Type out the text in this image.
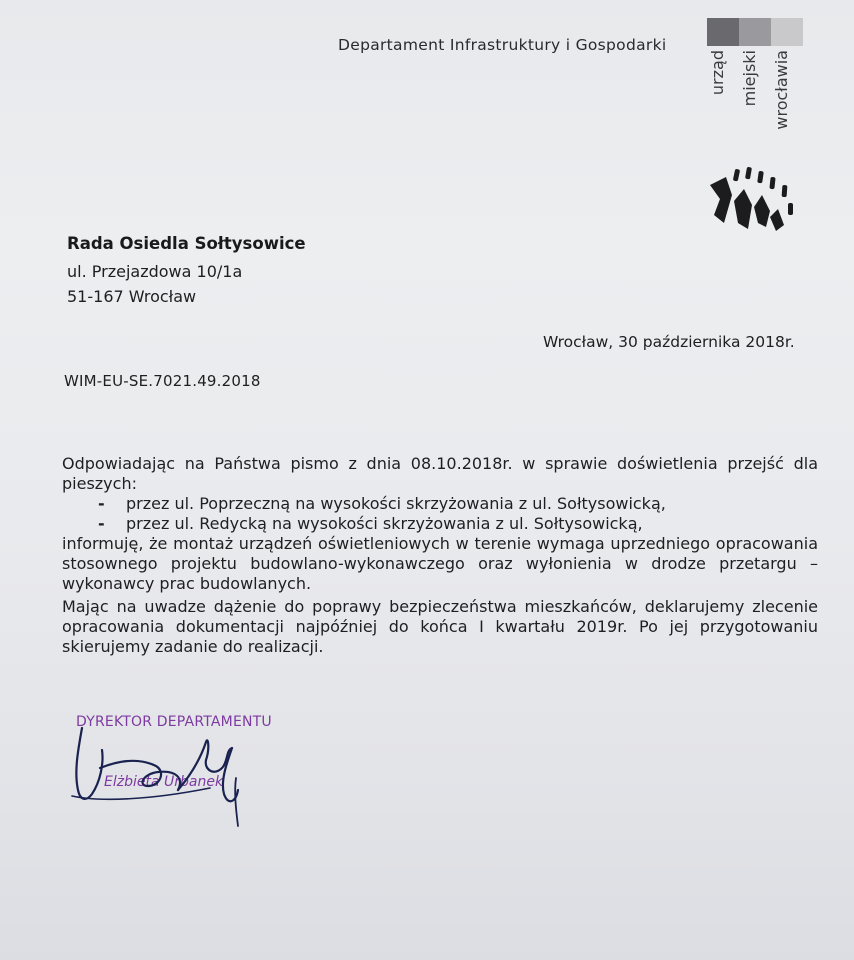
Departament Infrastruktury i Gospodarki
urząd miejski wrocławia
Rada Osiedla Sołtysowice
ul. Przejazdowa 10/1a
51-167 Wrocław
Wrocław, 30 października 2018r.
WIM-EU-SE.7021.49.2018
Odpowiadając na Państwa pismo z dnia 08.10.2018r. w sprawie doświetlenia przejść dla pieszych:
- przez ul. Poprzeczną na wysokości skrzyżowania z ul. Sołtysowicką,
- przez ul. Redycką na wysokości skrzyżowania z ul. Sołtysowicką,
informuję, że montaż urządzeń oświetleniowych w terenie wymaga uprzedniego opracowania stosownego projektu budowlano-wykonawczego oraz wyłonienia w drodze przetargu – wykonawcy prac budowlanych.
Mając na uwadze dążenie do poprawy bezpieczeństwa mieszkańców, deklarujemy zlecenie opracowania dokumentacji najpóźniej do końca I kwartału 2019r. Po jej przygotowaniu skierujemy zadanie do realizacji.
DYREKTOR DEPARTAMENTU
Elżbieta Urbanek
